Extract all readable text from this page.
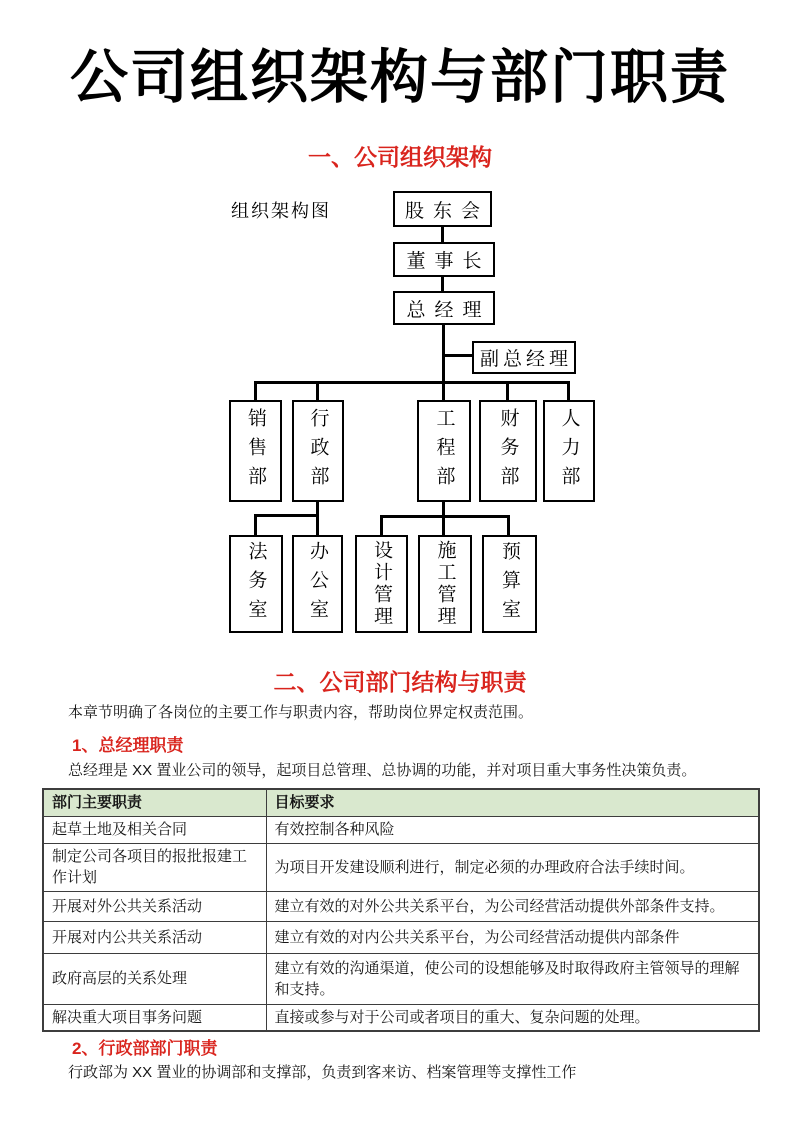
公司组织架构与部门职责
一、公司组织架构
组织架构图	股东会
董事长
总经理
副总经理
销售部 行政部	工程部 财务部 人力部
法务室 办公室 设计管理 施工管理 预算室
二、公司部门结构与职责

本章节明确了各岗位的主要工作与职责内容，帮助岗位界定权责范围。

1、总经理职责

总经理是 XX 置业公司的领导，起项目总管理、总协调的功能，并对项目重大事务性决策负责。

部门主要职责	目标要求
起草土地及相关合同	有效控制各种风险
制定公司各项目的报批报建工作计划	为项目开发建设顺利进行，制定必须的办理政府合法手续时间。
开展对外公共关系活动	建立有效的对外公共关系平台，为公司经营活动提供外部条件支持。
开展对内公共关系活动	建立有效的对内公共关系平台，为公司经营活动提供内部条件
政府高层的关系处理	建立有效的沟通渠道，使公司的设想能够及时取得政府主管领导的理解和支持。
解决重大项目事务问题	直接或参与对于公司或者项目的重大、复杂问题的处理。
2、行政部部门职责

行政部为 XX 置业的协调部和支撑部，负责到客来访、档案管理等支撑性工作
